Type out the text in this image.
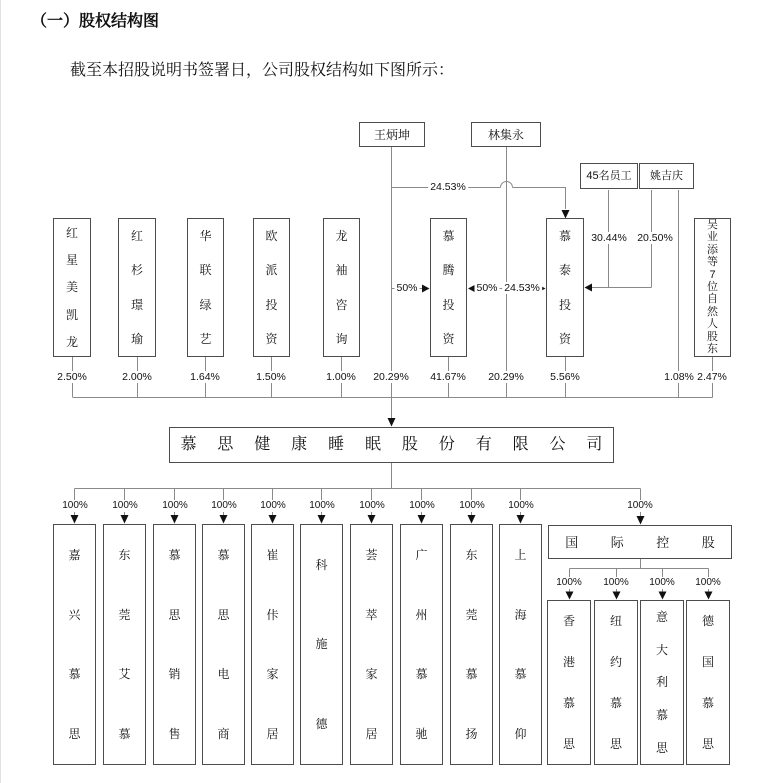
（一）股权结构图
截至本招股说明书签署日，公司股权结构如下图所示：
王炳坤	林集永
45名员工	姚吉庆
红
星
美
凯
龙
红
杉
璟
瑜
华
联
绿
艺
欧
派
投
资
龙
袖
咨
询
慕
腾
投
资
慕
泰
投
资
吴
业
添
等
7
位
自
然
人
股
东
24.53%
50%	50% 24.53%
30.44% 20.50%
2.50%	2.00%	1.64%	1.50%	1.00% 20.29% 41.67% 20.29%	5.56%	1.08% 2.47%
慕 思 健 康 睡 眠 股 份 有 限 公 司
100% 100% 100% 100% 100% 100% 100% 100% 100% 100%	100%
嘉
兴
慕
思
东
莞
艾
慕
慕
思
销
售
慕
思
电
商
崔
佧
家
居
科
施
德
荟
萃
家
居
广
州
慕
驰
东
莞
慕
扬
上
海
慕
仰
国 际 控 股
100% 100% 100% 100%
香
港
慕
思
纽
约
慕
思
意
大
利
慕
思
德
国
慕
思
